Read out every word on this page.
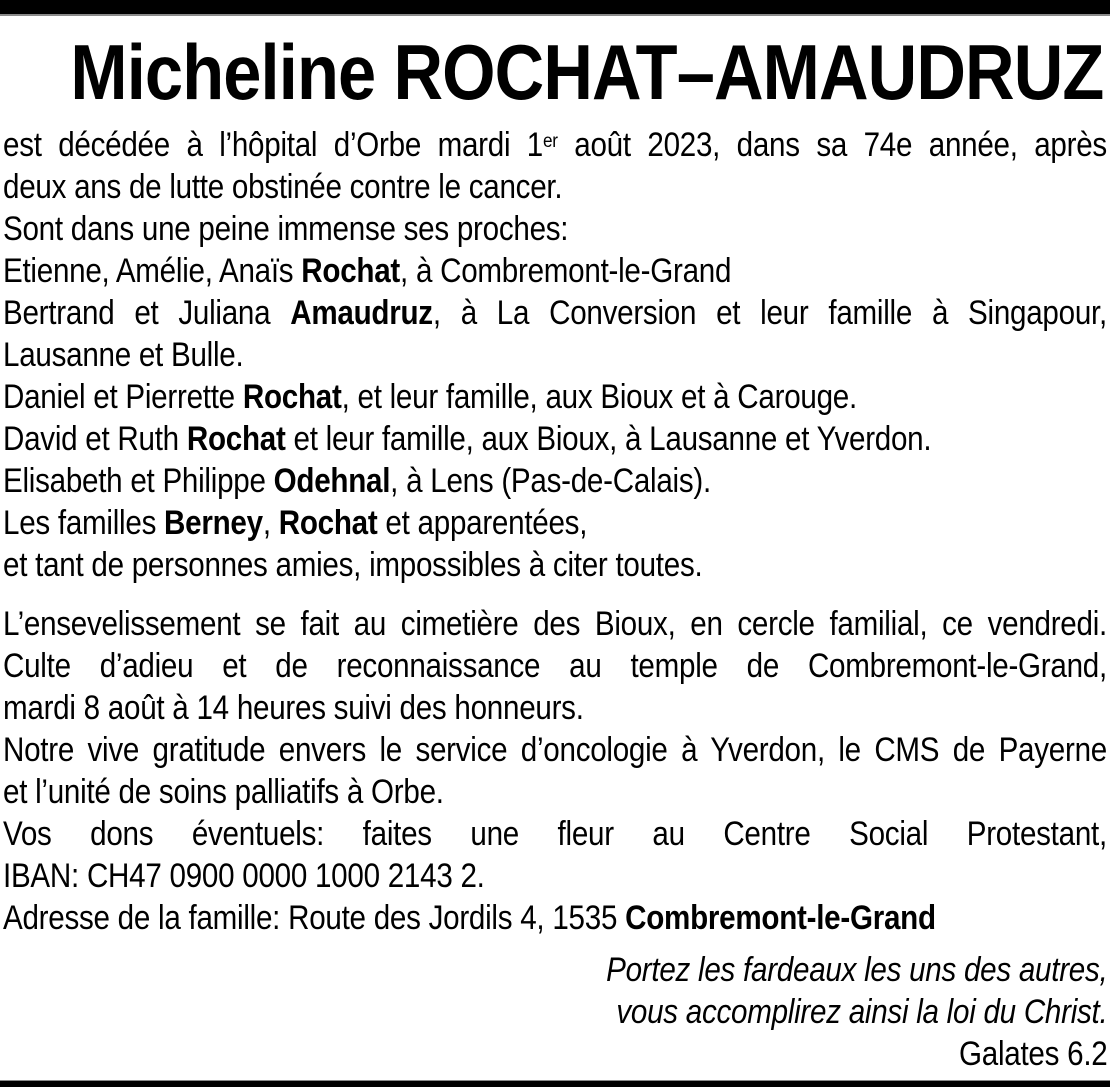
Micheline ROCHAT–AMAUDRUZ
est décédée à l’hôpital d’Orbe mardi 1er août 2023, dans sa 74e année, après
deux ans de lutte obstinée contre le cancer.
Sont dans une peine immense ses proches:
Etienne, Amélie, Anaïs Rochat, à Combremont-le-Grand
Bertrand et Juliana Amaudruz, à La Conversion et leur famille à Singapour,
Lausanne et Bulle.
Daniel et Pierrette Rochat, et leur famille, aux Bioux et à Carouge.
David et Ruth Rochat et leur famille, aux Bioux, à Lausanne et Yverdon.
Elisabeth et Philippe Odehnal, à Lens (Pas-de-Calais).
Les familles Berney, Rochat et apparentées,
et tant de personnes amies, impossibles à citer toutes.
L’ensevelissement se fait au cimetière des Bioux, en cercle familial, ce vendredi.
Culte d’adieu et de reconnaissance au temple de Combremont-le-Grand,
mardi 8 août à 14 heures suivi des honneurs.
Notre vive gratitude envers le service d’oncologie à Yverdon, le CMS de Payerne
et l’unité de soins palliatifs à Orbe.
Vos dons éventuels: faites une fleur au Centre Social Protestant,
IBAN: CH47 0900 0000 1000 2143 2.
Adresse de la famille: Route des Jordils 4, 1535 Combremont-le-Grand
Portez les fardeaux les uns des autres,
vous accomplirez ainsi la loi du Christ.
Galates 6.2
